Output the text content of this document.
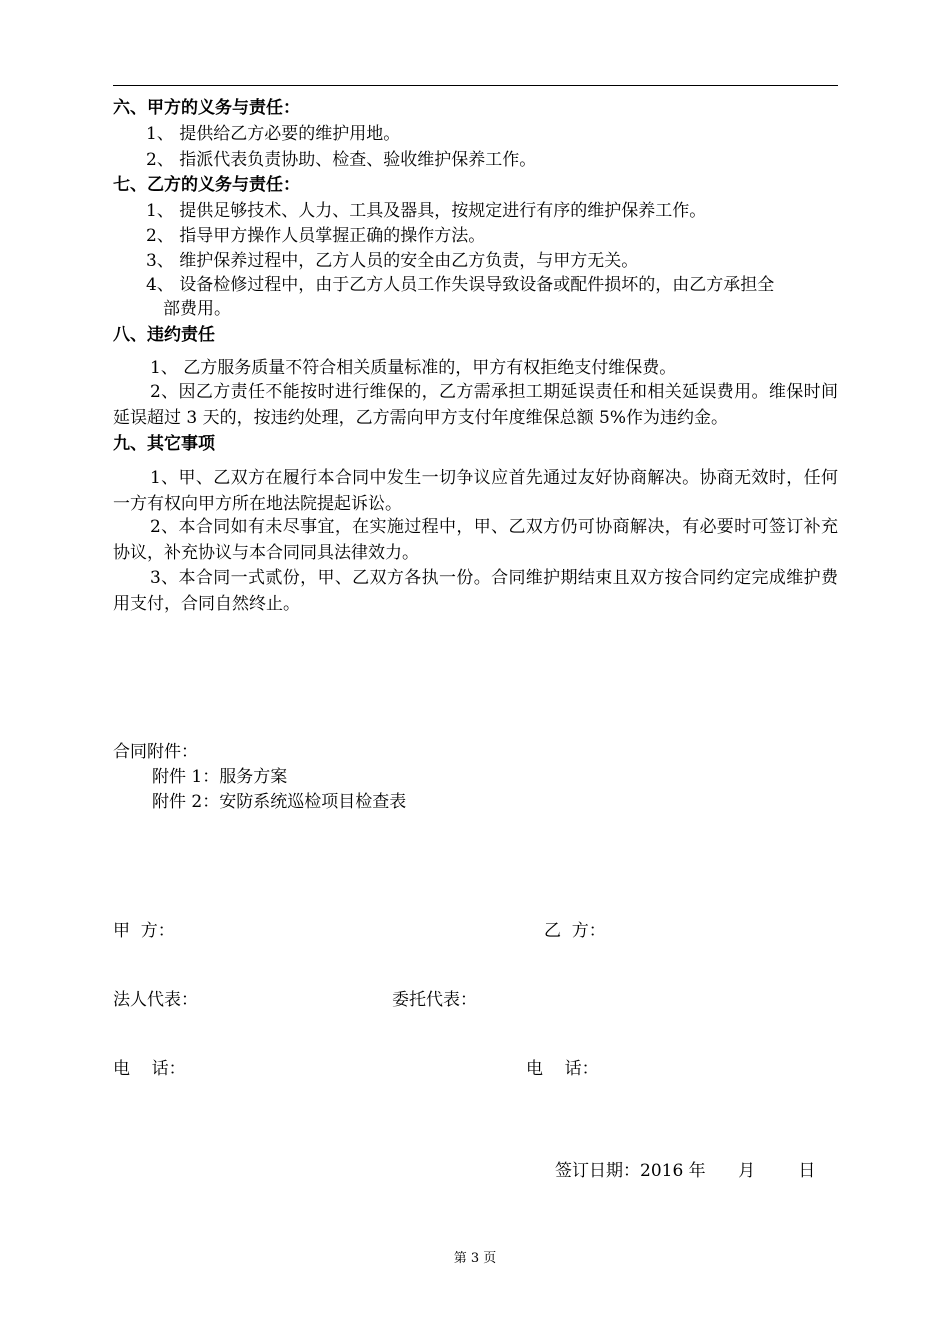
六、甲方的义务与责任：
1、 提供给乙方必要的维护用地。
2、 指派代表负责协助、检查、验收维护保养工作。
七、乙方的义务与责任：
1、 提供足够技术、人力、工具及器具，按规定进行有序的维护保养工作。
2、 指导甲方操作人员掌握正确的操作方法。
3、 维护保养过程中，乙方人员的安全由乙方负责，与甲方无关。
4、 设备检修过程中，由于乙方人员工作失误导致设备或配件损坏的，由乙方承担全
部费用。
八、违约责任
1、 乙方服务质量不符合相关质量标准的，甲方有权拒绝支付维保费。
2、因乙方责任不能按时进行维保的，乙方需承担工期延误责任和相关延误费用。维保时间延误超过 3 天的，按违约处理，乙方需向甲方支付年度维保总额 5%作为违约金。
九、其它事项
1、甲、乙双方在履行本合同中发生一切争议应首先通过友好协商解决。协商无效时，任何一方有权向甲方所在地法院提起诉讼。
2、本合同如有未尽事宜，在实施过程中，甲、乙双方仍可协商解决，有必要时可签订补充协议，补充协议与本合同同具法律效力。
3、本合同一式贰份，甲、乙双方各执一份。合同维护期结束且双方按合同约定完成维护费用支付，合同自然终止。
合同附件：
附件 1：服务方案
附件 2：安防系统巡检项目检查表
甲  方：	乙  方：
法人代表：	委托代表：
电    话：	电    话：
签订日期：2016 年      月        日
第 3 页
